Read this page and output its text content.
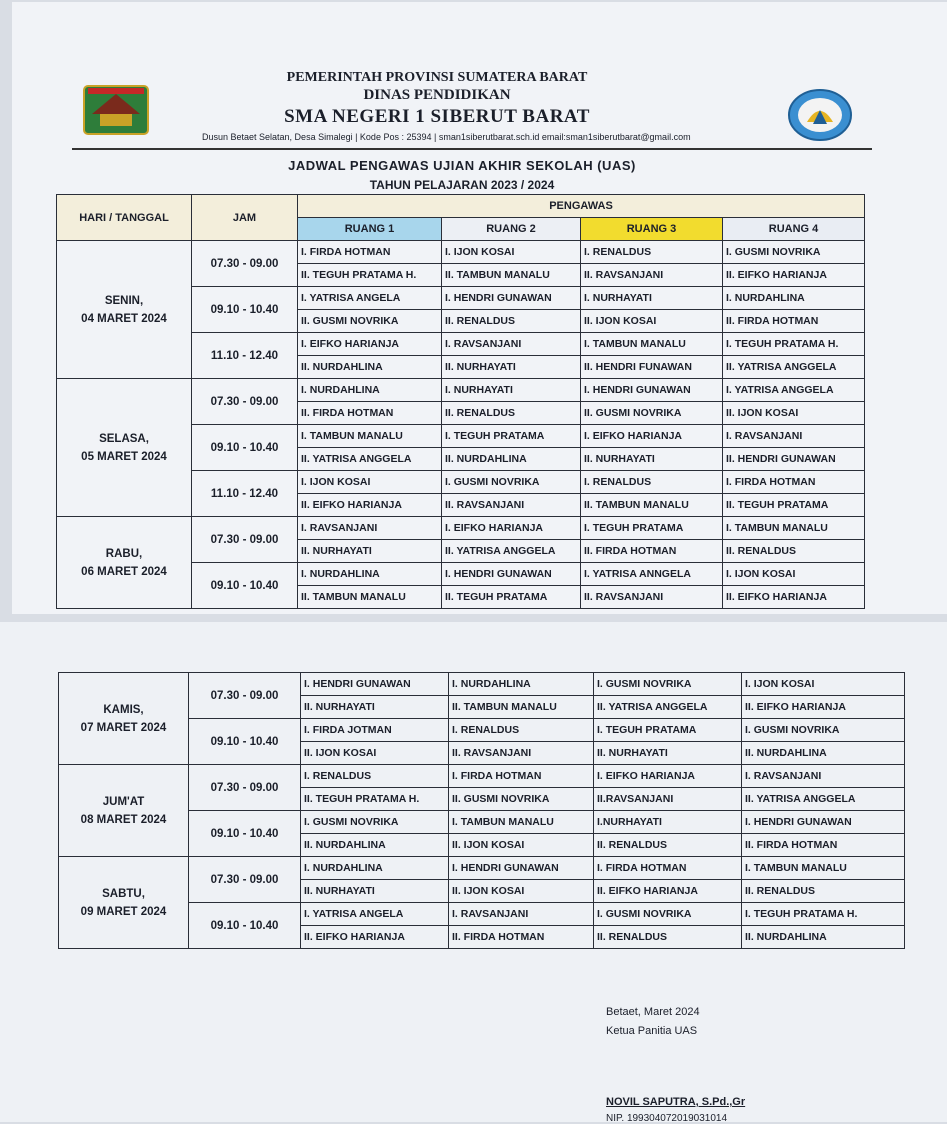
PEMERINTAH PROVINSI SUMATERA BARAT
DINAS PENDIDIKAN
SMA NEGERI 1 SIBERUT BARAT
Dusun Betaet Selatan, Desa Simalegi | Kode Pos : 25394 | sman1siberutbarat.sch.id email:sman1siberutbarat@gmail.com
JADWAL PENGAWAS UJIAN AKHIR SEKOLAH (UAS)
TAHUN PELAJARAN 2023 / 2024
HARI / TANGGAL	JAM	PENGAWAS			
		RUANG 1	RUANG 2	RUANG 3	RUANG 4

SENIN,
04 MARET 2024	07.30 - 09.00	I. FIRDA HOTMAN	I. IJON KOSAI	I. RENALDUS	I. GUSMI NOVRIKA
		II. TEGUH PRATAMA H.	II. TAMBUN MANALU	II. RAVSANJANI	II. EIFKO HARIANJA
	09.10 - 10.40	I. YATRISA ANGELA	I. HENDRI GUNAWAN	I. NURHAYATI	I. NURDAHLINA
		II. GUSMI NOVRIKA	II. RENALDUS	II. IJON KOSAI	II. FIRDA HOTMAN
	11.10 - 12.40	I. EIFKO HARIANJA	I. RAVSANJANI	I. TAMBUN MANALU	I. TEGUH PRATAMA H.
		II. NURDAHLINA	II. NURHAYATI	II. HENDRI FUNAWAN	II. YATRISA ANGGELA

SELASA,
05 MARET 2024	07.30 - 09.00	I. NURDAHLINA	I. NURHAYATI	I. HENDRI GUNAWAN	I. YATRISA ANGGELA
		II. FIRDA HOTMAN	II. RENALDUS	II. GUSMI NOVRIKA	II. IJON KOSAI
	09.10 - 10.40	I. TAMBUN MANALU	I. TEGUH PRATAMA	I. EIFKO HARIANJA	I. RAVSANJANI
		II. YATRISA ANGGELA	II. NURDAHLINA	II. NURHAYATI	II. HENDRI GUNAWAN
	11.10 - 12.40	I. IJON KOSAI	I. GUSMI NOVRIKA	I. RENALDUS	I. FIRDA HOTMAN
		II. EIFKO HARIANJA	II. RAVSANJANI	II. TAMBUN MANALU	II. TEGUH PRATAMA

RABU,
06 MARET 2024	07.30 - 09.00	I. RAVSANJANI	I. EIFKO HARIANJA	I. TEGUH PRATAMA	I. TAMBUN MANALU
		II. NURHAYATI	II. YATRISA ANGGELA	II. FIRDA HOTMAN	II. RENALDUS
	09.10 - 10.40	I. NURDAHLINA	I. HENDRI GUNAWAN	I. YATRISA ANNGELA	I. IJON KOSAI
		II. TAMBUN MANALU	II. TEGUH PRATAMA	II. RAVSANJANI	II. EIFKO HARIANJA
KAMIS,
07 MARET 2024	07.30 - 09.00	I. HENDRI GUNAWAN	I. NURDAHLINA	I. GUSMI NOVRIKA	I. IJON KOSAI
		II. NURHAYATI	II. TAMBUN MANALU	II. YATRISA ANGGELA	II. EIFKO HARIANJA
	09.10 - 10.40	I. FIRDA JOTMAN	I. RENALDUS	I. TEGUH PRATAMA	I. GUSMI NOVRIKA
		II. IJON KOSAI	II. RAVSANJANI	II. NURHAYATI	II. NURDAHLINA

JUM'AT
08 MARET 2024	07.30 - 09.00	I. RENALDUS	I. FIRDA HOTMAN	I. EIFKO HARIANJA	I. RAVSANJANI
		II. TEGUH PRATAMA H.	II. GUSMI NOVRIKA	II.RAVSANJANI	II. YATRISA ANGGELA
	09.10 - 10.40	I. GUSMI NOVRIKA	I. TAMBUN MANALU	I.NURHAYATI	I. HENDRI GUNAWAN
		II. NURDAHLINA	II. IJON KOSAI	II. RENALDUS	II. FIRDA HOTMAN

SABTU,
09 MARET 2024	07.30 - 09.00	I. NURDAHLINA	I. HENDRI GUNAWAN	I. FIRDA HOTMAN	I. TAMBUN MANALU
		II. NURHAYATI	II. IJON KOSAI	II. EIFKO HARIANJA	II. RENALDUS
	09.10 - 10.40	I. YATRISA ANGELA	I. RAVSANJANI	I. GUSMI NOVRIKA	I. TEGUH PRATAMA H.
		II. EIFKO HARIANJA	II. FIRDA HOTMAN	II. RENALDUS	II. NURDAHLINA
Betaet, Maret 2024
Ketua Panitia UAS
NOVIL SAPUTRA, S.Pd.,Gr
NIP. 199304072019031014
